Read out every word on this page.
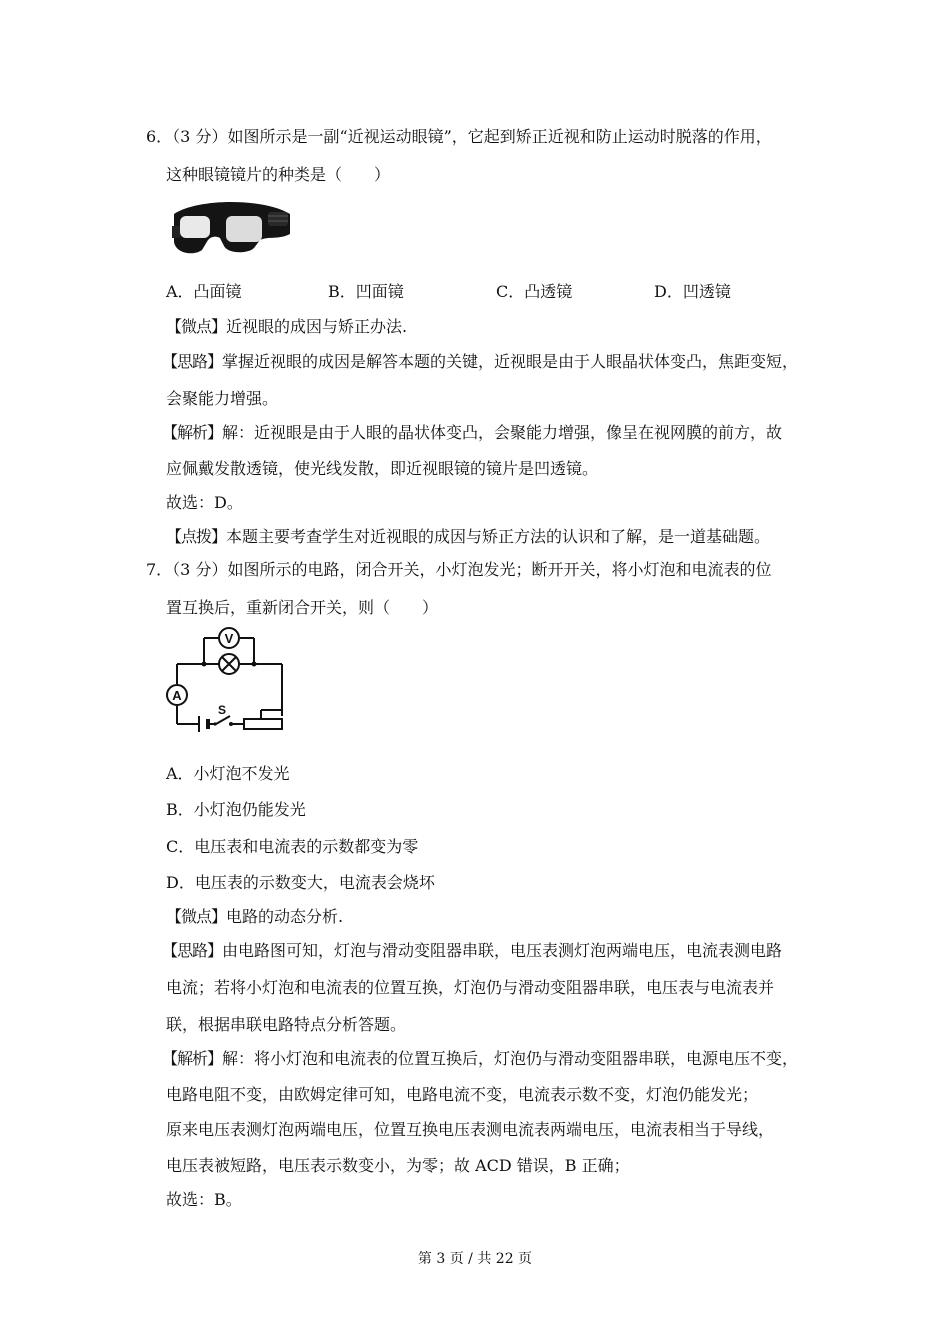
6．（3 分）如图所示是一副“近视运动眼镜”，它起到矫正近视和防止运动时脱落的作用，
这种眼镜镜片的种类是（　　）
A．凸面镜	B．凹面镜	C．凸透镜	D．凹透镜
【微点】近视眼的成因与矫正办法.
【思路】掌握近视眼的成因是解答本题的关键，近视眼是由于人眼晶状体变凸，焦距变短，
会聚能力增强。
【解析】解：近视眼是由于人眼的晶状体变凸，会聚能力增强，像呈在视网膜的前方，故
应佩戴发散透镜，使光线发散，即近视眼镜的镜片是凹透镜。
故选：D。
【点拨】本题主要考查学生对近视眼的成因与矫正方法的认识和了解，是一道基础题。
7．（3 分）如图所示的电路，闭合开关，小灯泡发光；断开开关，将小灯泡和电流表的位
置互换后，重新闭合开关，则（　　）
V
A
S
A．小灯泡不发光
B．小灯泡仍能发光
C．电压表和电流表的示数都变为零
D．电压表的示数变大，电流表会烧坏
【微点】电路的动态分析.
【思路】由电路图可知，灯泡与滑动变阻器串联，电压表测灯泡两端电压，电流表测电路
电流；若将小灯泡和电流表的位置互换，灯泡仍与滑动变阻器串联，电压表与电流表并
联，根据串联电路特点分析答题。
【解析】解：将小灯泡和电流表的位置互换后，灯泡仍与滑动变阻器串联，电源电压不变，
电路电阻不变，由欧姆定律可知，电路电流不变，电流表示数不变，灯泡仍能发光；
原来电压表测灯泡两端电压，位置互换电压表测电流表两端电压，电流表相当于导线，
电压表被短路，电压表示数变小，为零；故 ACD 错误，B 正确；
故选：B。
第 3 页 / 共 22 页
